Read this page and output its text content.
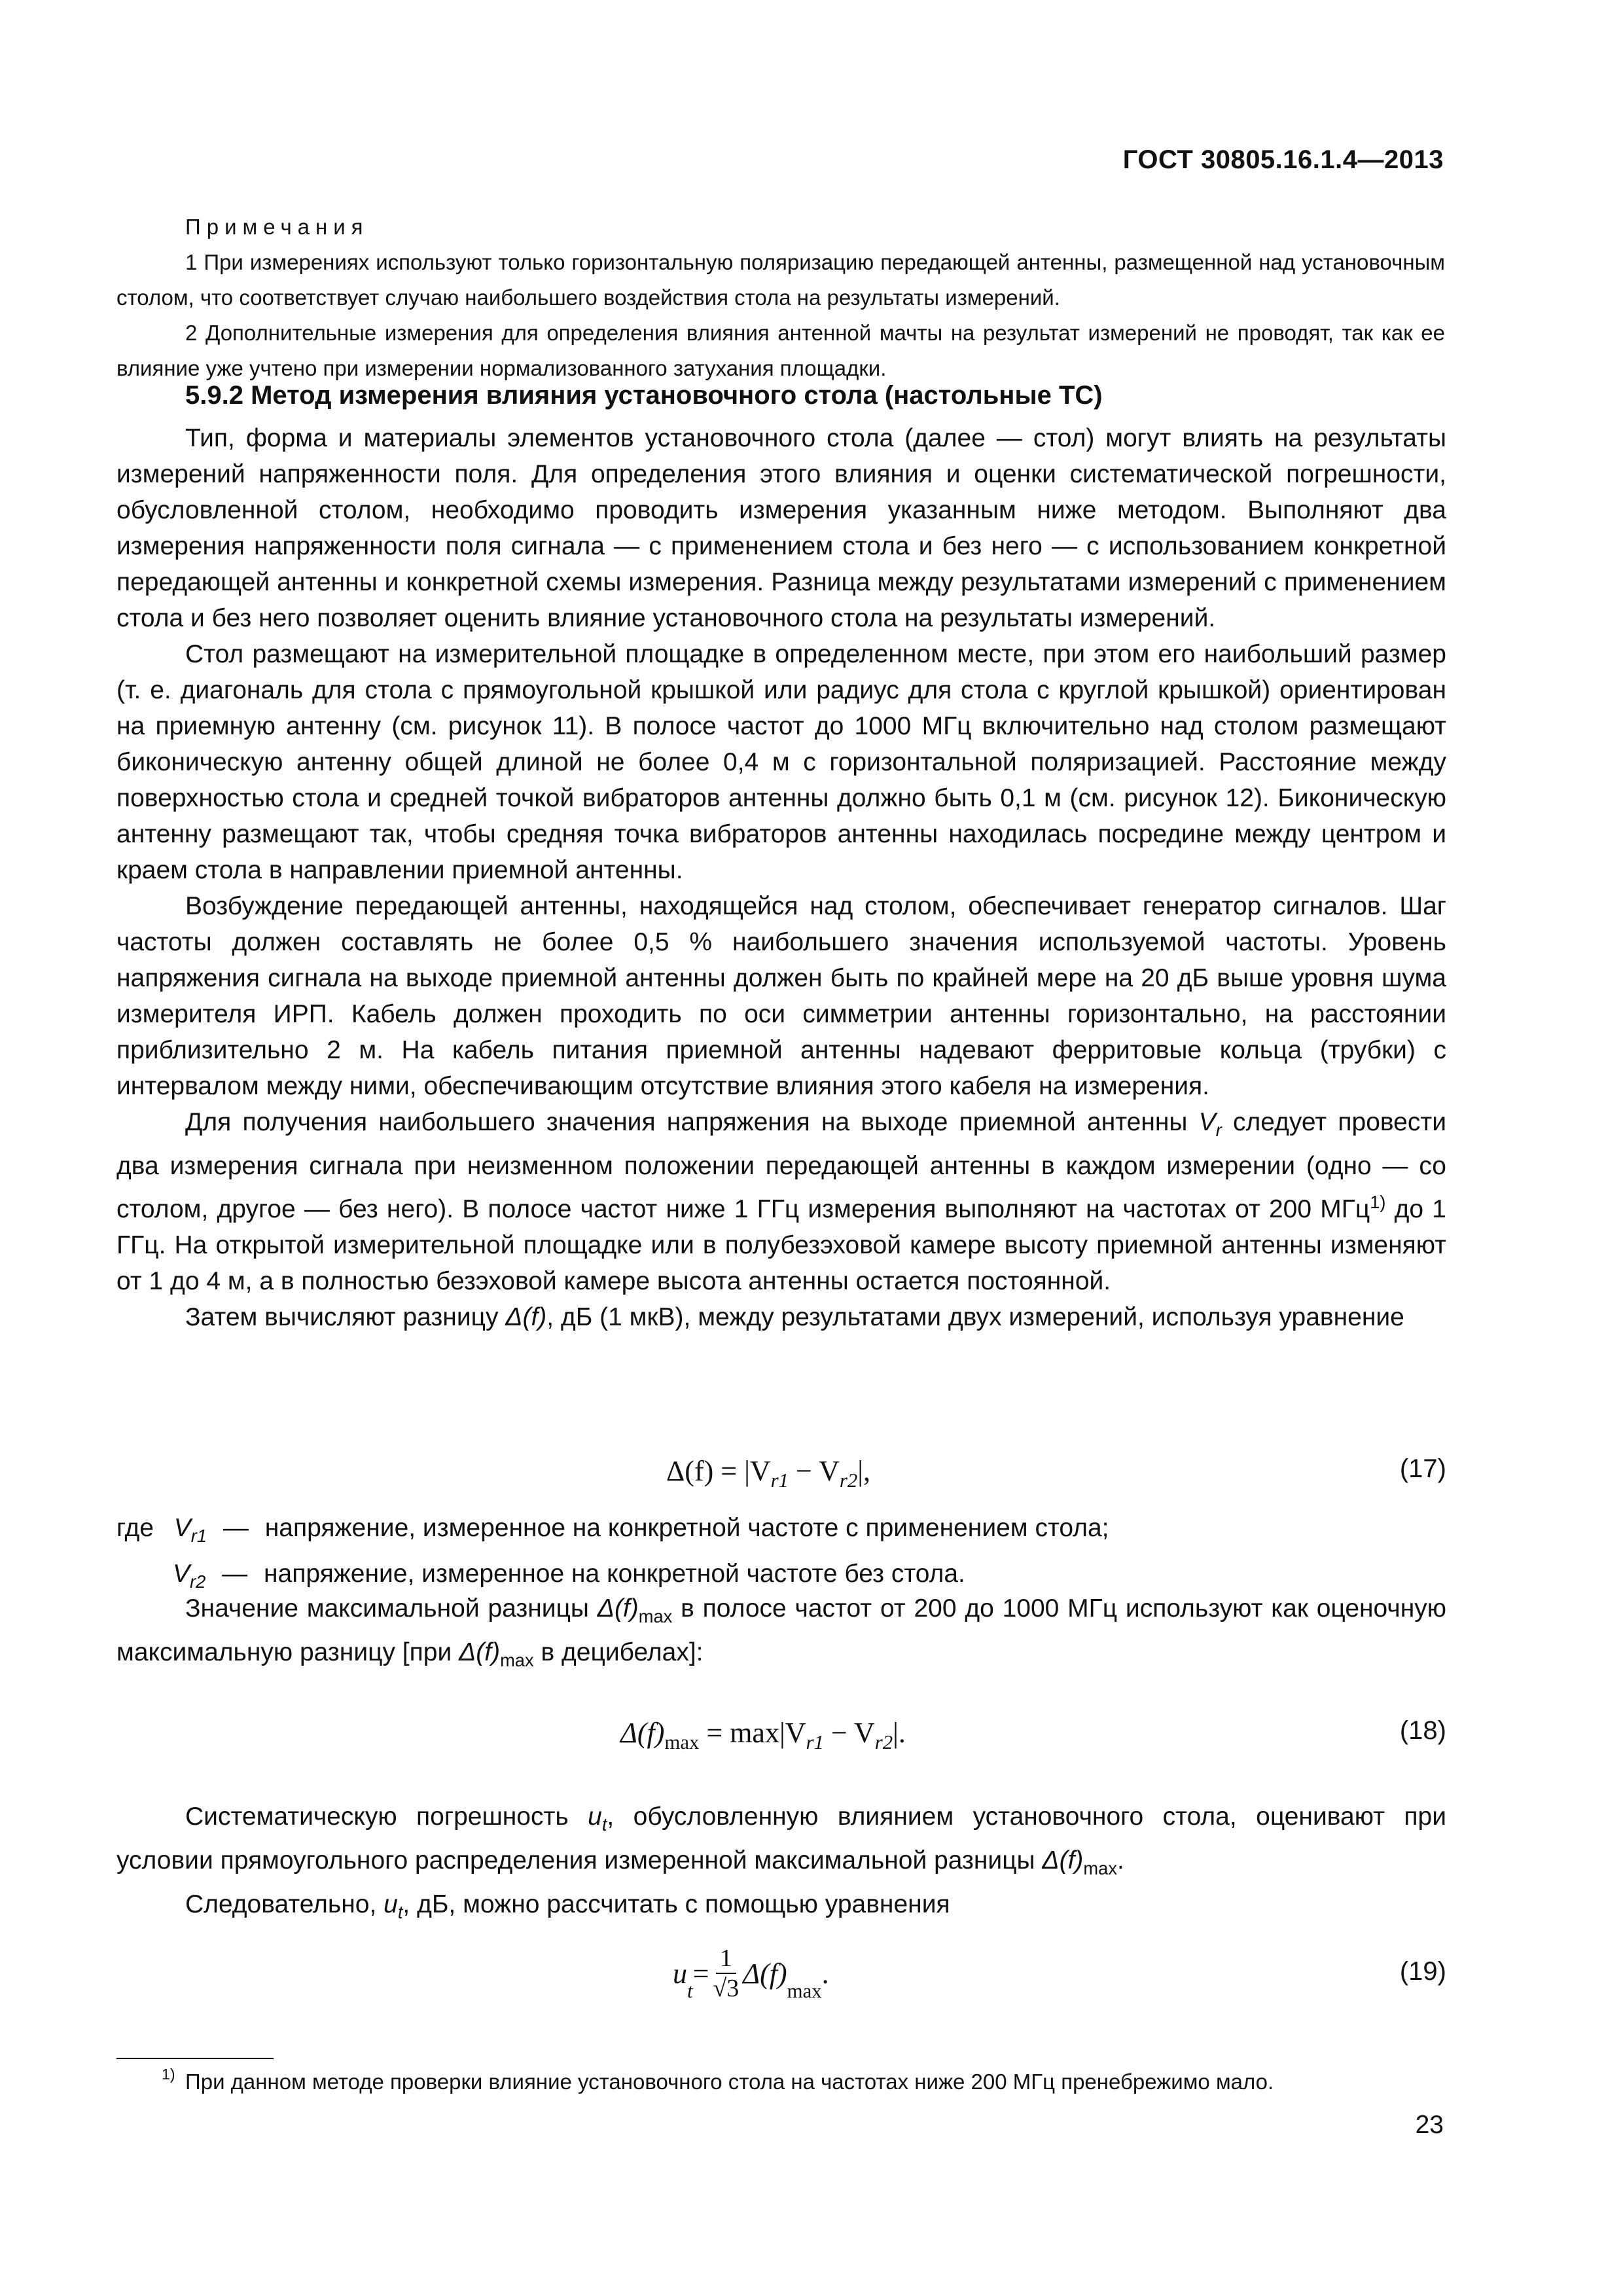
ГОСТ 30805.16.1.4—2013
Примечания
1 При измерениях используют только горизонтальную поляризацию передающей антенны, размещенной над установочным столом, что соответствует случаю наибольшего воздействия стола на результаты измерений.
2 Дополнительные измерения для определения влияния антенной мачты на результат измерений не проводят, так как ее влияние уже учтено при измерении нормализованного затухания площадки.
5.9.2 Метод измерения влияния установочного стола (настольные ТС)

Тип, форма и материалы элементов установочного стола (далее — стол) могут влиять на результаты измерений напряженности поля. Для определения этого влияния и оценки систематической погрешности, обусловленной столом, необходимо проводить измерения указанным ниже методом. Выполняют два измерения напряженности поля сигнала — с применением стола и без него — с использованием конкретной передающей антенны и конкретной схемы измерения. Разница между результатами измерений с применением стола и без него позволяет оценить влияние установочного стола на результаты измерений.

Стол размещают на измерительной площадке в определенном месте, при этом его наибольший размер (т. е. диагональ для стола с прямоугольной крышкой или радиус для стола с круглой крышкой) ориентирован на приемную антенну (см. рисунок 11). В полосе частот до 1000 МГц включительно над столом размещают биконическую антенну общей длиной не более 0,4 м с горизонтальной поляризацией. Расстояние между поверхностью стола и средней точкой вибраторов антенны должно быть 0,1 м (см. рисунок 12). Биконическую антенну размещают так, чтобы средняя точка вибраторов антенны находилась посредине между центром и краем стола в направлении приемной антенны.

Возбуждение передающей антенны, находящейся над столом, обеспечивает генератор сигналов. Шаг частоты должен составлять не более 0,5 % наибольшего значения используемой частоты. Уровень напряжения сигнала на выходе приемной антенны должен быть по крайней мере на 20 дБ выше уровня шума измерителя ИРП. Кабель должен проходить по оси симметрии антенны горизонтально, на расстоянии приблизительно 2 м. На кабель питания приемной антенны надевают ферритовые кольца (трубки) с интервалом между ними, обеспечивающим отсутствие влияния этого кабеля на измерения.

Для получения наибольшего значения напряжения на выходе приемной антенны $V_r$ следует провести два измерения сигнала при неизменном положении передающей антенны в каждом измерении (одно — со столом, другое — без него). В полосе частот ниже 1 ГГц измерения выполняют на частотах от 200 МГц$^{1)}$ до 1 ГГц. На открытой измерительной площадке или в полубезэховой камере высоту приемной антенны изменяют от 1 до 4 м, а в полностью безэховой камере высота антенны остается постоянной.

Затем вычисляют разницу Δ(f), дБ (1 мкВ), между результатами двух измерений, используя уравнение

$\Delta(f) = |V_{r1} - V_{r2}|$,	(17)
где $V_{r1}$ — напряжение, измеренное на конкретной частоте с применением стола;
$V_{r2}$ — напряжение, измеренное на конкретной частоте без стола.

Значение максимальной разницы $\Delta(f)_{max}$ в полосе частот от 200 до 1000 МГц используют как оценочную максимальную разницу [при $\Delta(f)_{max}$ в децибелах]:

$\Delta(f)_{max} = \max|V_{r1} - V_{r2}|$.	(18)

Систематическую погрешность $u_t$, обусловленную влиянием установочного стола, оценивают при условии прямоугольного распределения измеренной максимальной разницы $\Delta(f)_{max}$.

Следовательно, $u_t$, дБ, можно рассчитать с помощью уравнения

u
$_t$
= $\frac{1}{√3} \Delta(f)$
$_{max}$
.	(19)
1) При данном методе проверки влияние установочного стола на частотах ниже 200 МГц пренебрежимо мало.
23
